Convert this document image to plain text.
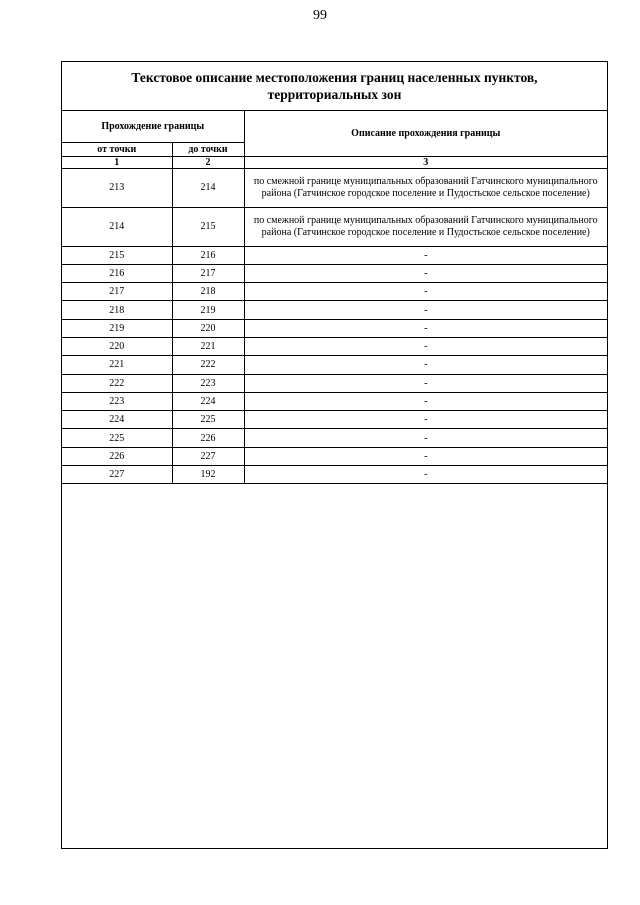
99
Текстовое описание местоположения границ населенных пунктов,
территориальных зон
Прохождение границы		Описание прохождения границы
от точки	до точки	
1	2	3
213	214	по смежной границе муниципальных образований Гатчинского муниципального района (Гатчинское городское поселение и Пудостьское сельское поселение)
214	215	по смежной границе муниципальных образований Гатчинского муниципального района (Гатчинское городское поселение и Пудостьское сельское поселение)
215	216	-
216	217	-
217	218	-
218	219	-
219	220	-
220	221	-
221	222	-
222	223	-
223	224	-
224	225	-
225	226	-
226	227	-
227	192	-
